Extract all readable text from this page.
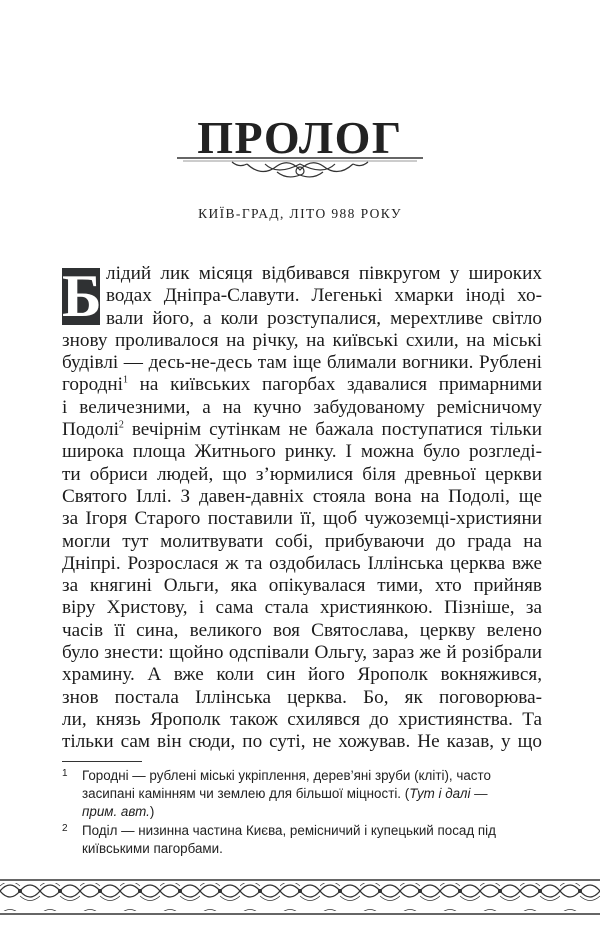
ПРОЛОГ
КИЇВ-ГРАД, ЛІТО 988 РОКУ
Б лідий лик місяця відбивався півкругом у широких
водах Дніпра-Славути. Легенькі хмарки іноді хо-
вали його, а коли розступалися, мерехтливе світло
знову проливалося на річку, на київські схили, на міські
будівлі — десь-не-десь там іще блимали вогники. Рублені
городні$^1$ на київських пагорбах здавалися примарними
і величезними, а на кучно забудованому ремісничому
Подолі$^2$ вечірнім сутінкам не бажала поступатися тільки
широка площа Житнього ринку. І можна було розгледі-
ти обриси людей, що з’юрмилися біля древньої церкви
Святого Іллі. З давен-давніх стояла вона на Подолі, ще
за Ігоря Старого поставили її, щоб чужоземці-християни
могли тут молитвувати собі, прибуваючи до града на
Дніпрі. Розрослася ж та оздобилась Іллінська церква вже
за княгині Ольги, яка опікувалася тими, хто прийняв
віру Христову, і сама стала християнкою. Пізніше, за
часів її сина, великого воя Святослава, церкву велено
було знести: щойно одспівали Ольгу, зараз же й розібрали
храмину. А вже коли син його Ярополк вокняжився,
знов постала Іллінська церква. Бо, як поговорюва-
ли, князь Ярополк також схилявся до християнства. Та
тільки сам він сюди, по суті, не хожував. Не казав, у що
1 Городні — рублені міські укріплення, дерев’яні зруби (кліті), часто
засипані камінням чи землею для більшої міцності. (Тут і далі —
прим. авт.)
2 Поділ — низинна частина Києва, ремісничий і купецький посад під
київськими пагорбами.
